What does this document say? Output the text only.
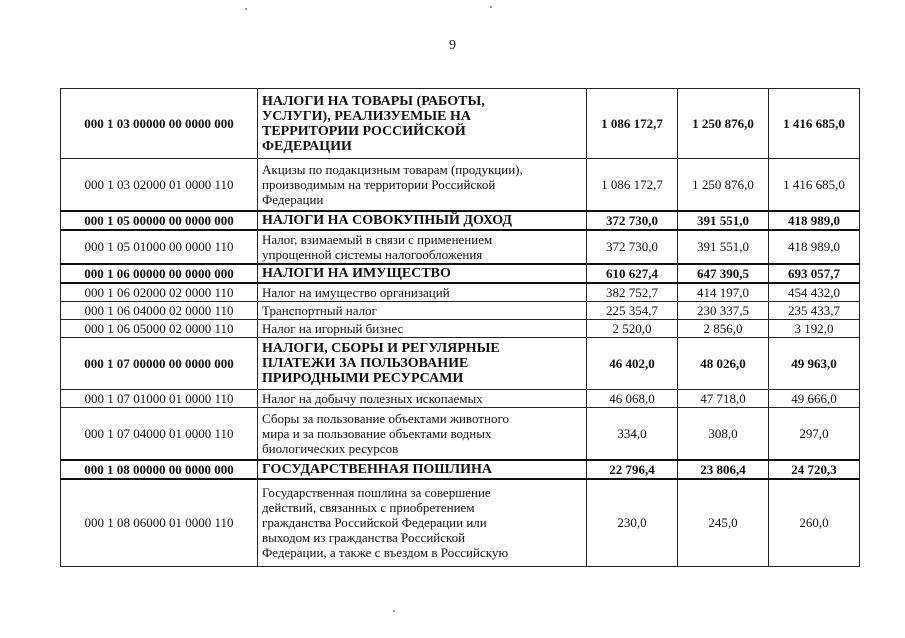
9
000 1 03 00000 00 0000 000	НАЛОГИ НА ТОВАРЫ (РАБОТЫ,
УСЛУГИ), РЕАЛИЗУЕМЫЕ НА
ТЕРРИТОРИИ РОССИЙСКОЙ
ФЕДЕРАЦИИ	1 086 172,7	1 250 876,0	1 416 685,0
000 1 03 02000 01 0000 110	Акцизы по подакцизным товарам (продукции),
производимым на территории Российской
Федерации	1 086 172,7	1 250 876,0	1 416 685,0
000 1 05 00000 00 0000 000	НАЛОГИ НА СОВОКУПНЫЙ ДОХОД	372 730,0	391 551,0	418 989,0
000 1 05 01000 00 0000 110	Налог, взимаемый в связи с применением
упрощенной системы налогообложения	372 730,0	391 551,0	418 989,0
000 1 06 00000 00 0000 000	НАЛОГИ НА ИМУЩЕСТВО	610 627,4	647 390,5	693 057,7
000 1 06 02000 02 0000 110	Налог на имущество организаций	382 752,7	414 197,0	454 432,0
000 1 06 04000 02 0000 110	Транспортный налог	225 354,7	230 337,5	235 433,7
000 1 06 05000 02 0000 110	Налог на игорный бизнес	2 520,0	2 856,0	3 192,0
000 1 07 00000 00 0000 000	НАЛОГИ, СБОРЫ И РЕГУЛЯРНЫЕ
ПЛАТЕЖИ ЗА ПОЛЬЗОВАНИЕ
ПРИРОДНЫМИ РЕСУРСАМИ	46 402,0	48 026,0	49 963,0
000 1 07 01000 01 0000 110	Налог на добычу полезных ископаемых	46 068,0	47 718,0	49 666,0
000 1 07 04000 01 0000 110	Сборы за пользование объектами животного
мира и за пользование объектами водных
биологических ресурсов	334,0	308,0	297,0
000 1 08 00000 00 0000 000	ГОСУДАРСТВЕННАЯ ПОШЛИНА	22 796,4	23 806,4	24 720,3
000 1 08 06000 01 0000 110	Государственная пошлина за совершение
действий, связанных с приобретением
гражданства Российской Федерации или
выходом из гражданства Российской
Федерации, а также с въездом в Российскую	230,0	245,0	260,0
